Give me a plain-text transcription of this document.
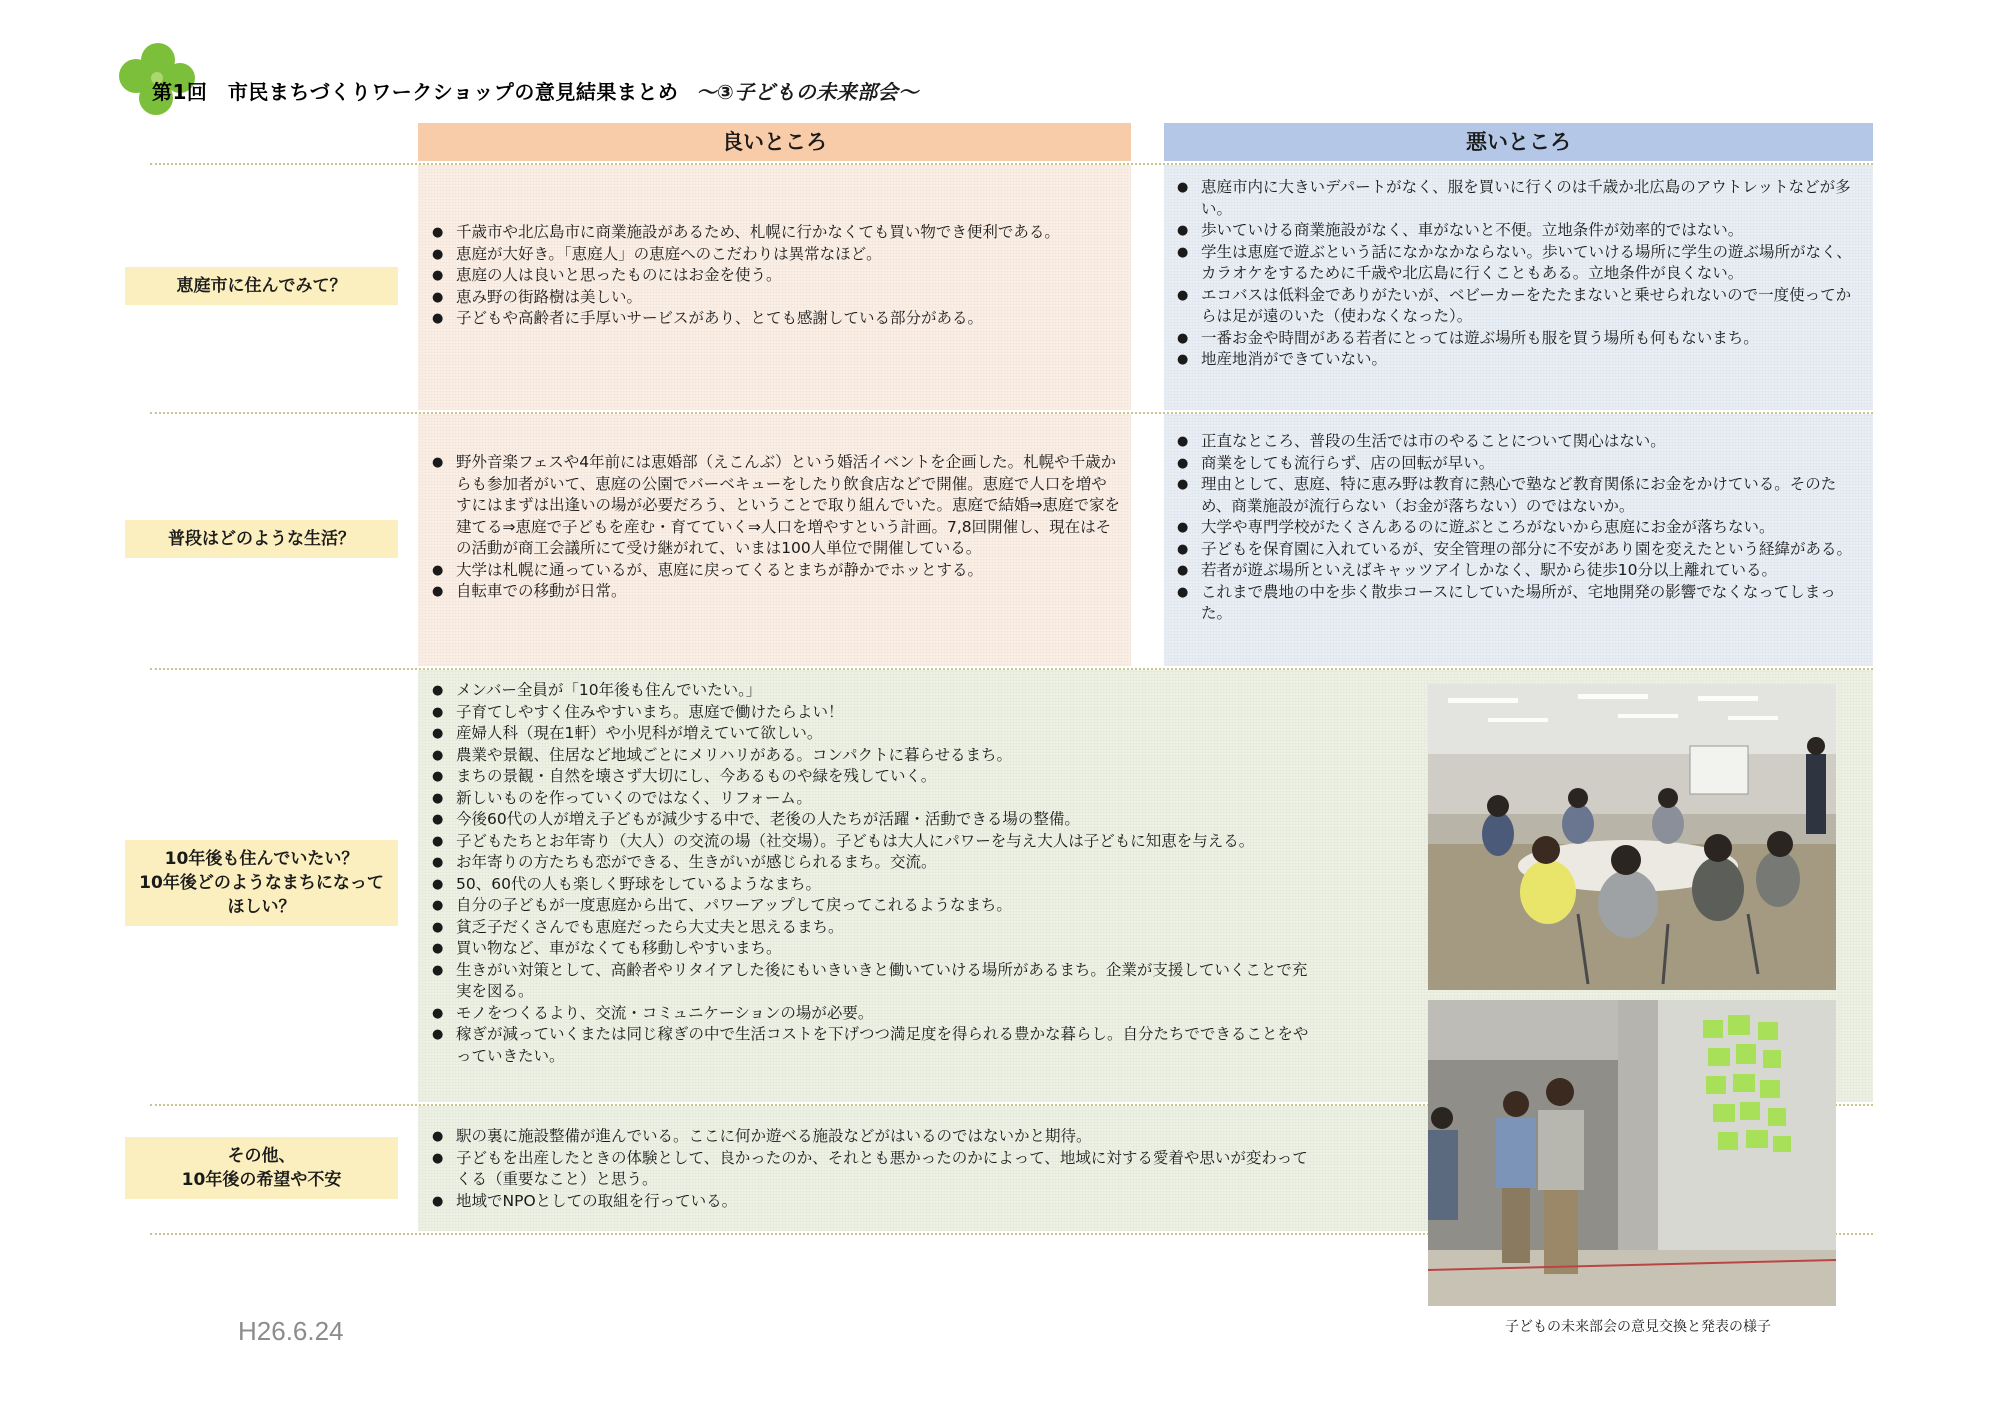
第1回　市民まちづくりワークショップの意見結果まとめ ～③子どもの未来部会～
良いところ	悪いところ
恵庭市に住んでみて？
普段はどのような生活？
10年後も住んでいたい？
10年後どのようなまちになってほしい？
その他、
10年後の希望や不安
● 千歳市や北広島市に商業施設があるため、札幌に行かなくても買い物でき便利である。
● 恵庭が大好き。「恵庭人」の恵庭へのこだわりは異常なほど。
● 恵庭の人は良いと思ったものにはお金を使う。
● 恵み野の街路樹は美しい。
● 子どもや高齢者に手厚いサービスがあり、とても感謝している部分がある。
● 恵庭市内に大きいデパートがなく、服を買いに行くのは千歳か北広島のアウトレットなどが多い。
● 歩いていける商業施設がなく、車がないと不便。立地条件が効率的ではない。
● 学生は恵庭で遊ぶという話になかなかならない。歩いていける場所に学生の遊ぶ場所がなく、カラオケをするために千歳や北広島に行くこともある。立地条件が良くない。
● エコバスは低料金でありがたいが、ベビーカーをたたまないと乗せられないので一度使ってからは足が遠のいた（使わなくなった）。
● 一番お金や時間がある若者にとっては遊ぶ場所も服を買う場所も何もないまち。
● 地産地消ができていない。
● 野外音楽フェスや4年前には恵婚部（えこんぶ）という婚活イベントを企画した。札幌や千歳からも参加者がいて、恵庭の公園でバーベキューをしたり飲食店などで開催。恵庭で人口を増やすにはまずは出逢いの場が必要だろう、ということで取り組んでいた。恵庭で結婚⇒恵庭で家を建てる⇒恵庭で子どもを産む・育てていく⇒人口を増やすという計画。7,8回開催し、現在はその活動が商工会議所にて受け継がれて、いまは100人単位で開催している。
● 大学は札幌に通っているが、恵庭に戻ってくるとまちが静かでホッとする。
● 自転車での移動が日常。
● 正直なところ、普段の生活では市のやることについて関心はない。
● 商業をしても流行らず、店の回転が早い。
● 理由として、恵庭、特に恵み野は教育に熱心で塾など教育関係にお金をかけている。そのため、商業施設が流行らない（お金が落ちない）のではないか。
● 大学や専門学校がたくさんあるのに遊ぶところがないから恵庭にお金が落ちない。
● 子どもを保育園に入れているが、安全管理の部分に不安があり園を変えたという経緯がある。
● 若者が遊ぶ場所といえばキャッツアイしかなく、駅から徒歩10分以上離れている。
● これまで農地の中を歩く散歩コースにしていた場所が、宅地開発の影響でなくなってしまった。
● メンバー全員が「10年後も住んでいたい。」
● 子育てしやすく住みやすいまち。恵庭で働けたらよい！
● 産婦人科（現在1軒）や小児科が増えていて欲しい。
● 農業や景観、住居など地域ごとにメリハリがある。コンパクトに暮らせるまち。
● まちの景観・自然を壊さず大切にし、今あるものや緑を残していく。
● 新しいものを作っていくのではなく、リフォーム。
● 今後60代の人が増え子どもが減少する中で、老後の人たちが活躍・活動できる場の整備。
● 子どもたちとお年寄り（大人）の交流の場（社交場）。子どもは大人にパワーを与え大人は子どもに知恵を与える。
● お年寄りの方たちも恋ができる、生きがいが感じられるまち。交流。
● 50、60代の人も楽しく野球をしているようなまち。
● 自分の子どもが一度恵庭から出て、パワーアップして戻ってこれるようなまち。
● 貧乏子だくさんでも恵庭だったら大丈夫と思えるまち。
● 買い物など、車がなくても移動しやすいまち。
● 生きがい対策として、高齢者やリタイアした後にもいきいきと働いていける場所があるまち。企業が支援していくことで充実を図る。
● モノをつくるより、交流・コミュニケーションの場が必要。
● 稼ぎが減っていくまたは同じ稼ぎの中で生活コストを下げつつ満足度を得られる豊かな暮らし。自分たちでできることをやっていきたい。
● 駅の裏に施設整備が進んでいる。ここに何か遊べる施設などがはいるのではないかと期待。
● 子どもを出産したときの体験として、良かったのか、それとも悪かったのかによって、地域に対する愛着や思いが変わってくる（重要なこと）と思う。
● 地域でNPOとしての取組を行っている。
子どもの未来部会の意見交換と発表の様子
H26.6.24
